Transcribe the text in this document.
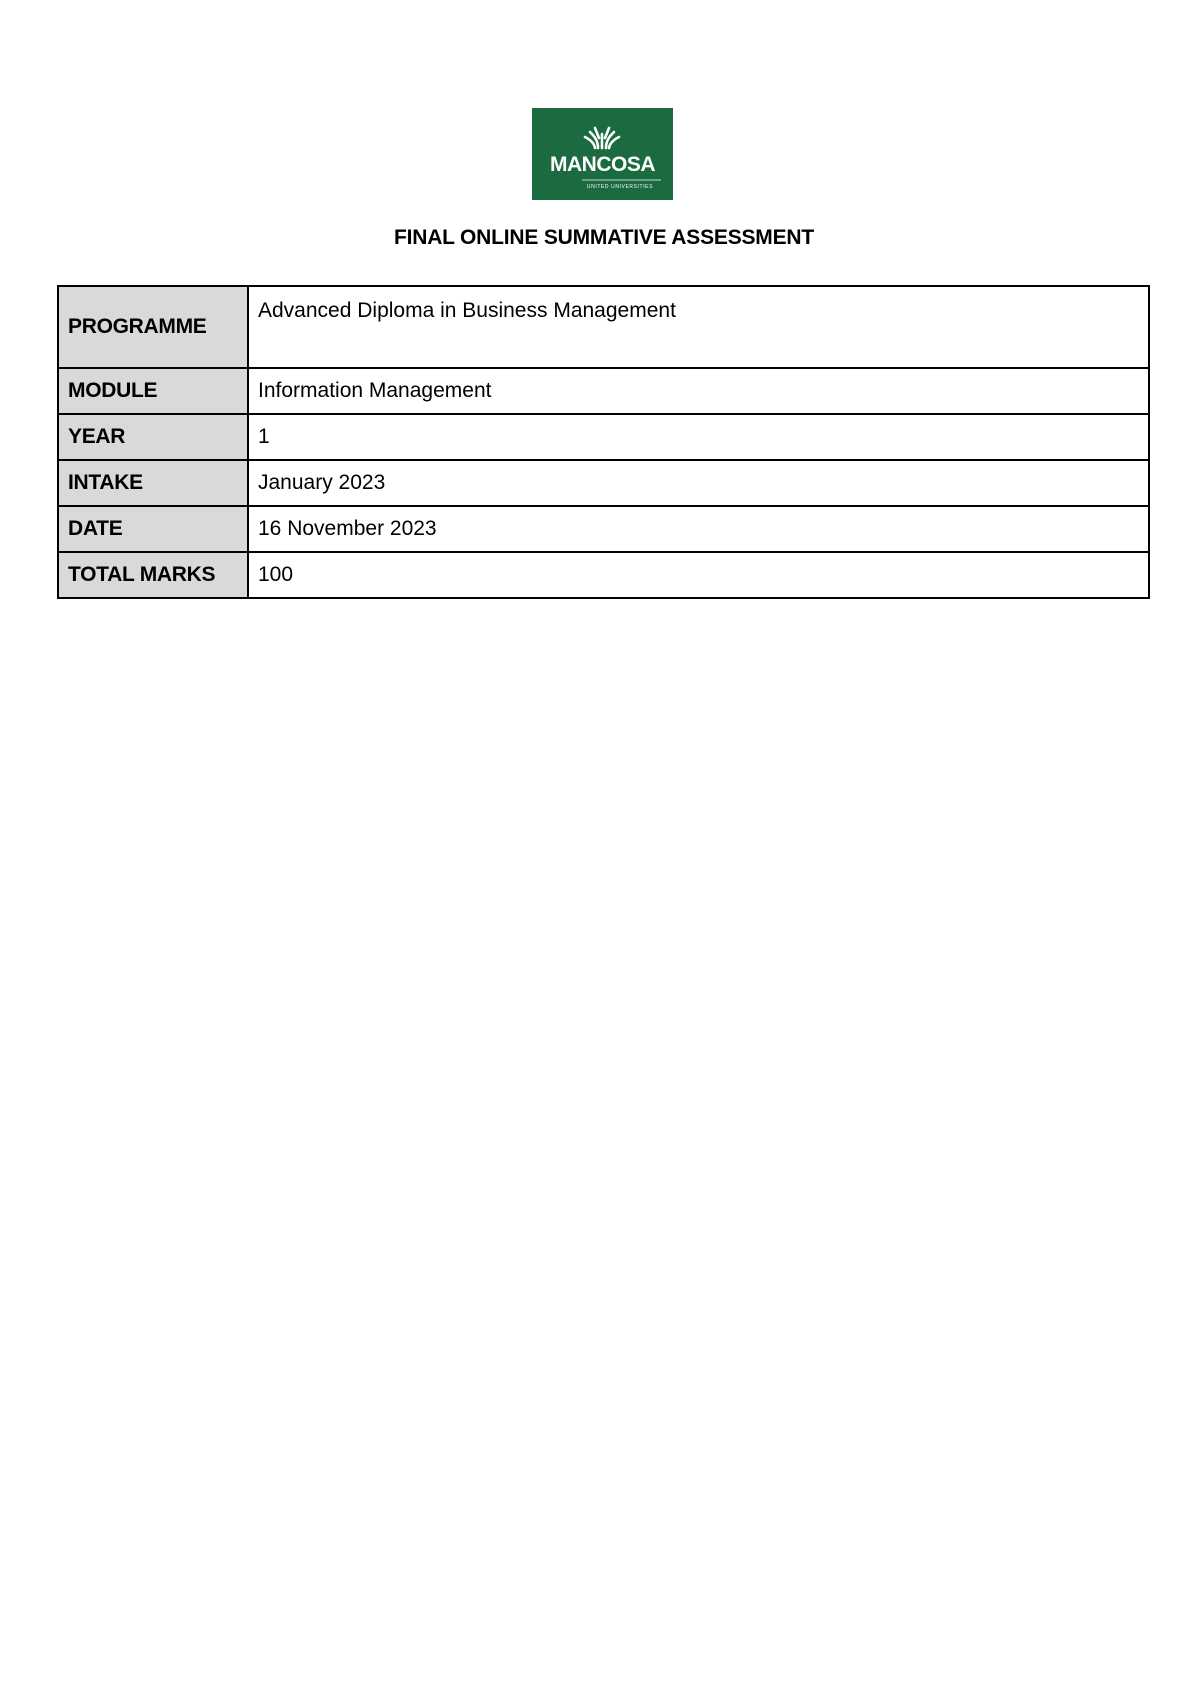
MANCOSA
UNITED UNIVERSITIES
FINAL ONLINE SUMMATIVE ASSESSMENT
PROGRAMME	Advanced Diploma in Business Management
MODULE	Information Management
YEAR	1
INTAKE	January 2023
DATE	16 November 2023
TOTAL MARKS	100
